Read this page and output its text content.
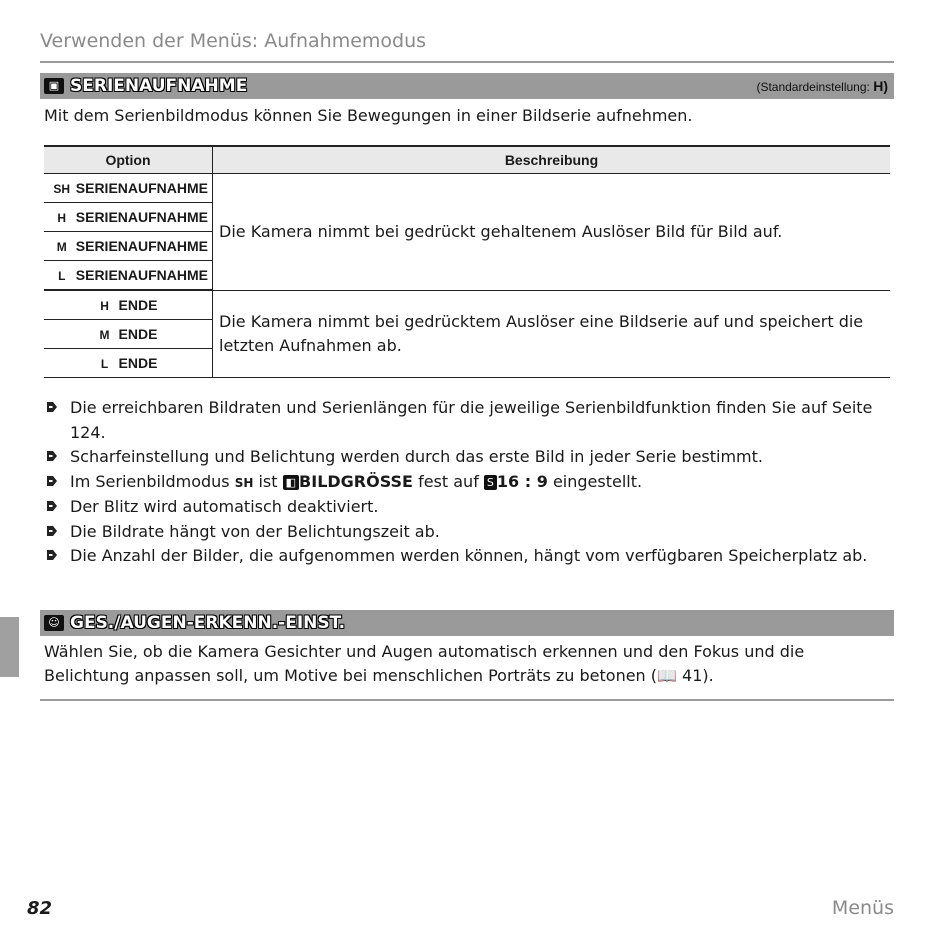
Verwenden der Menüs: Aufnahmemodus
▣ SERIENAUFNAHME	(Standardeinstellung: H)
Mit dem Serienbildmodus können Sie Bewegungen in einer Bildserie aufnehmen.
Option	Beschreibung
SH SERIENAUFNAHME	Die Kamera nimmt bei gedrückt gehaltenem Auslöser Bild für Bild auf.
H SERIENAUFNAHME	
M SERIENAUFNAHME	
L SERIENAUFNAHME	
H ENDE	Die Kamera nimmt bei gedrücktem Auslöser eine Bildserie auf und speichert die letzten Aufnahmen ab.
M ENDE	
L ENDE	
Die erreichbaren Bildraten und Serienlängen für die jeweilige Serienbildfunktion finden Sie auf Seite 124.
Scharfeinstellung und Belichtung werden durch das erste Bild in jeder Serie bestimmt.
Im Serienbildmodus SH ist ◧ BILDGRÖSSE fest auf S 16 : 9 eingestellt.
Der Blitz wird automatisch deaktiviert.
Die Bildrate hängt von der Belichtungszeit ab.
Die Anzahl der Bilder, die aufgenommen werden können, hängt vom verfügbaren Speicherplatz ab.
☺ GES./AUGEN-ERKENN.-EINST.
Wählen Sie, ob die Kamera Gesichter und Augen automatisch erkennen und den Fokus und die Belichtung anpassen soll, um Motive bei menschlichen Porträts zu betonen (📖 41).
82	Menüs
